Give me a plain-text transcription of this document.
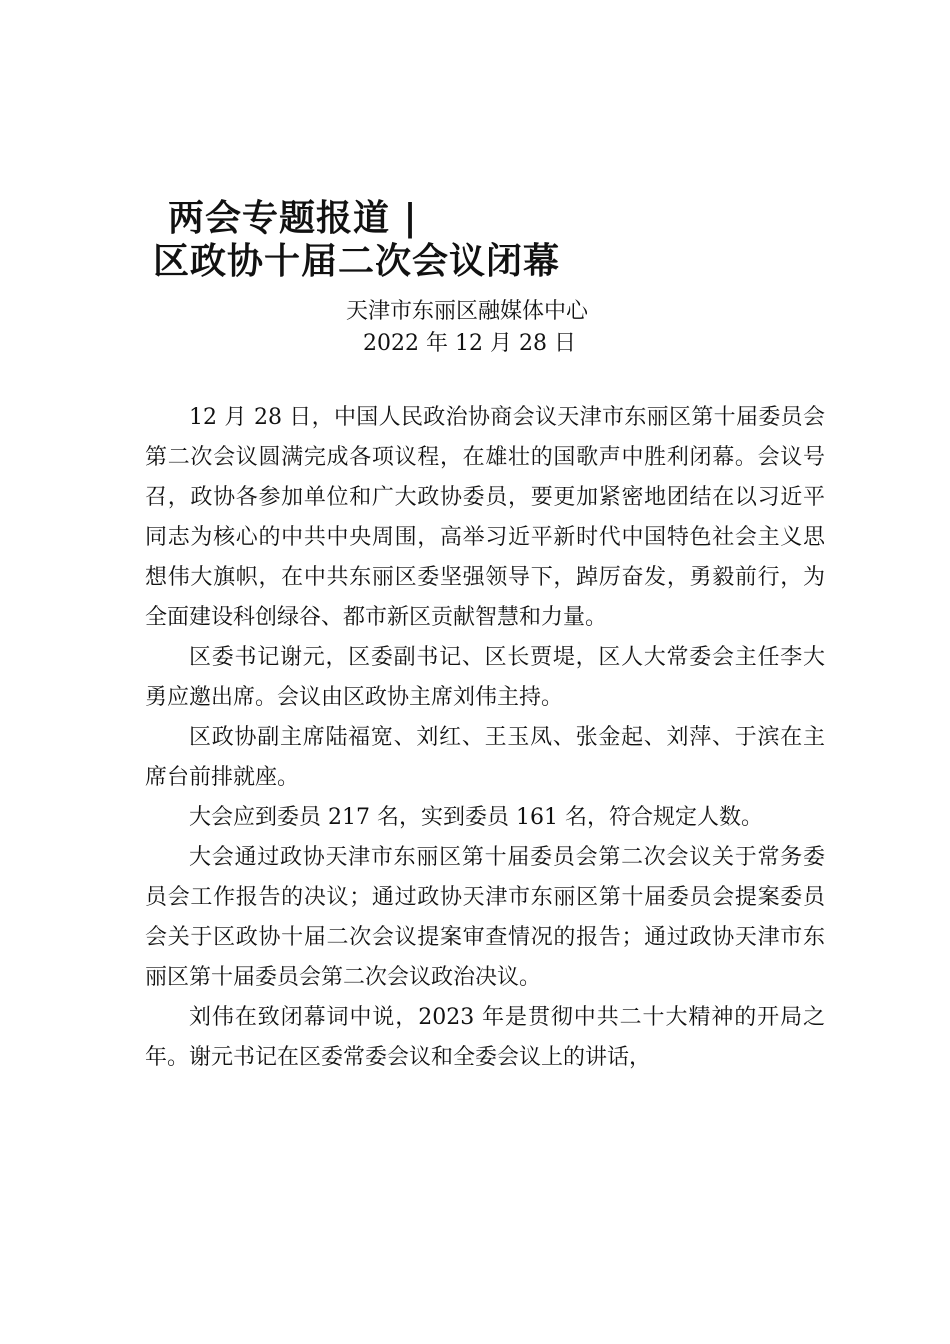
两会专题报道 |
区政协十届二次会议闭幕
天津市东丽区融媒体中心
2022 年 12 月 28 日

12 月 28 日，中国人民政治协商会议天津市东丽区第十届委员会第二次会议圆满完成各项议程，在雄壮的国歌声中胜利闭幕。会议号召，政协各参加单位和广大政协委员，要更加紧密地团结在以习近平同志为核心的中共中央周围，高举习近平新时代中国特色社会主义思想伟大旗帜，在中共东丽区委坚强领导下，踔厉奋发，勇毅前行，为全面建设科创绿谷、都市新区贡献智慧和力量。

区委书记谢元，区委副书记、区长贾堤，区人大常委会主任李大勇应邀出席。会议由区政协主席刘伟主持。

区政协副主席陆福宽、刘红、王玉凤、张金起、刘萍、于滨在主席台前排就座。

大会应到委员 217 名，实到委员 161 名，符合规定人数。

大会通过政协天津市东丽区第十届委员会第二次会议关于常务委员会工作报告的决议；通过政协天津市东丽区第十届委员会提案委员会关于区政协十届二次会议提案审查情况的报告；通过政协天津市东丽区第十届委员会第二次会议政治决议。

刘伟在致闭幕词中说，2023 年是贯彻中共二十大精神的开局之年。谢元书记在区委常委会议和全委会议上的讲话，
